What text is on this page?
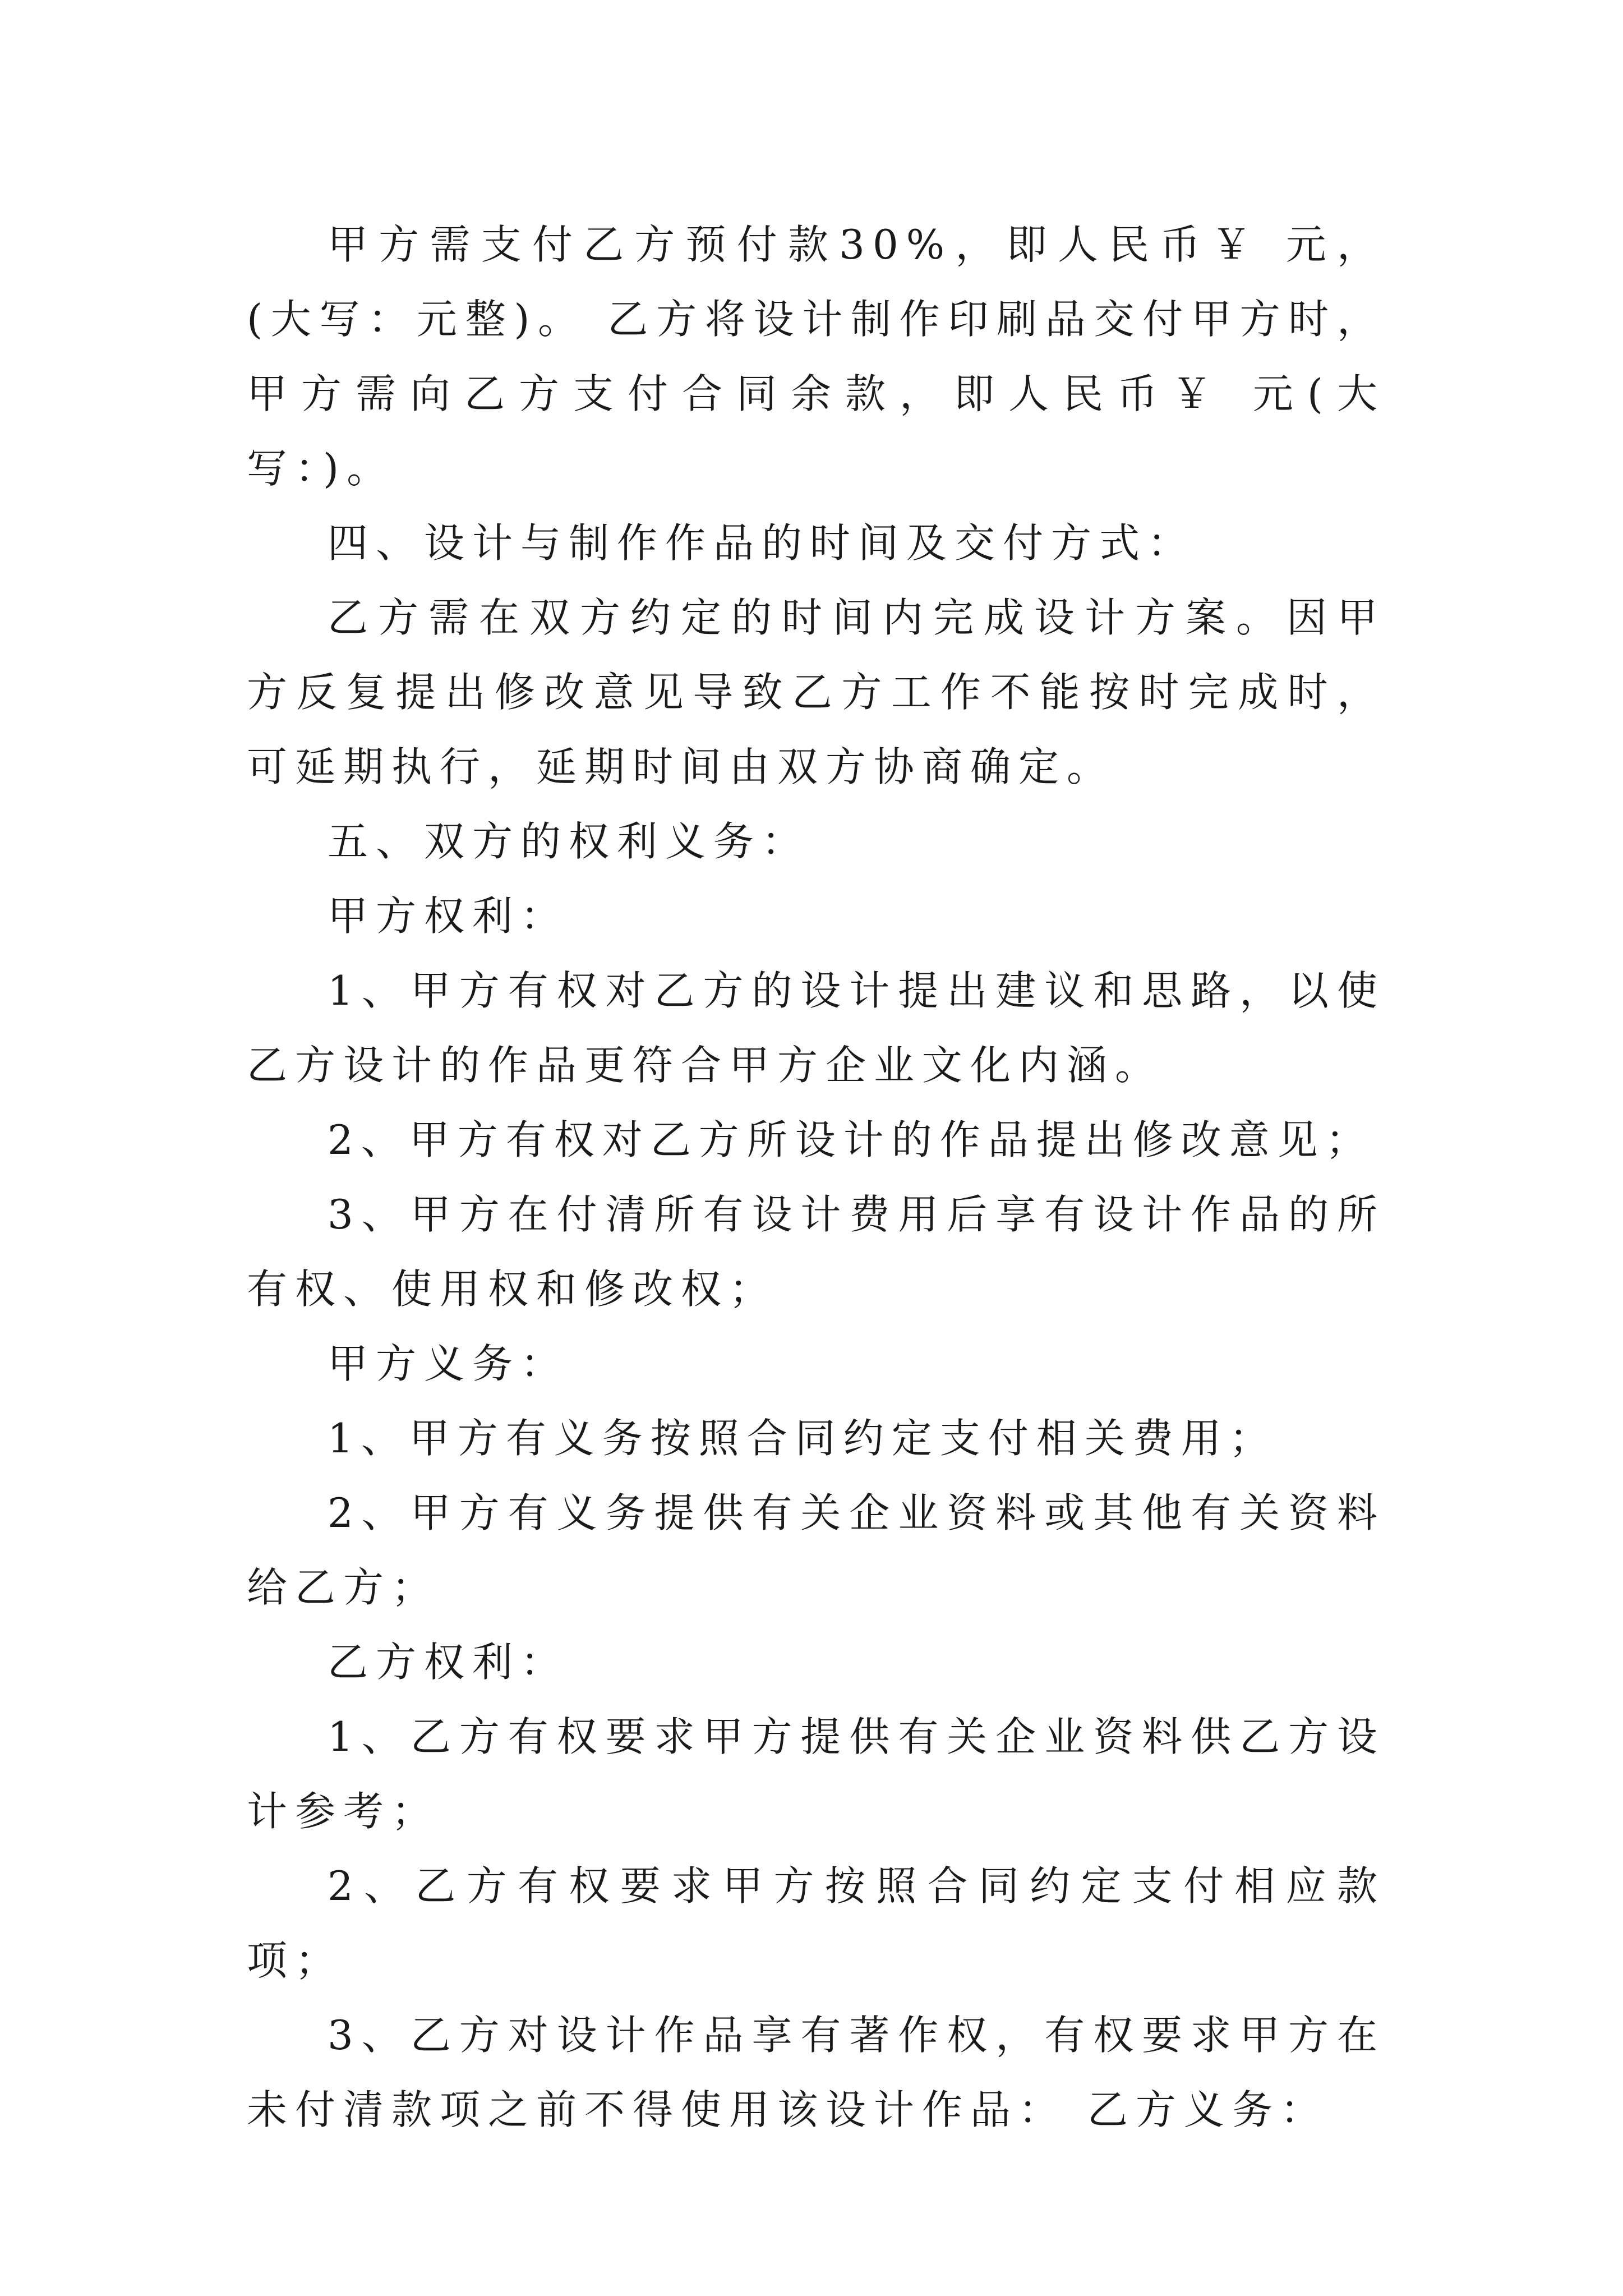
甲方需支付乙方预付款30%，即人民币￥ 元，(大写：元整)。 乙方将设计制作印刷品交付甲方时，甲方需向乙方支付合同余款，即人民币￥ 元(大写：)。

四、设计与制作作品的时间及交付方式：

乙方需在双方约定的时间内完成设计方案。因甲方反复提出修改意见导致乙方工作不能按时完成时，可延期执行，延期时间由双方协商确定。

五、双方的权利义务：

甲方权利：

1、甲方有权对乙方的设计提出建议和思路，以使乙方设计的作品更符合甲方企业文化内涵。

2、甲方有权对乙方所设计的作品提出修改意见；

3、甲方在付清所有设计费用后享有设计作品的所有权、使用权和修改权；

甲方义务：

1、甲方有义务按照合同约定支付相关费用；

2、甲方有义务提供有关企业资料或其他有关资料给乙方；

乙方权利：

1、乙方有权要求甲方提供有关企业资料供乙方设计参考；

2、乙方有权要求甲方按照合同约定支付相应款项；

3、乙方对设计作品享有著作权，有权要求甲方在未付清款项之前不得使用该设计作品： 乙方义务：
